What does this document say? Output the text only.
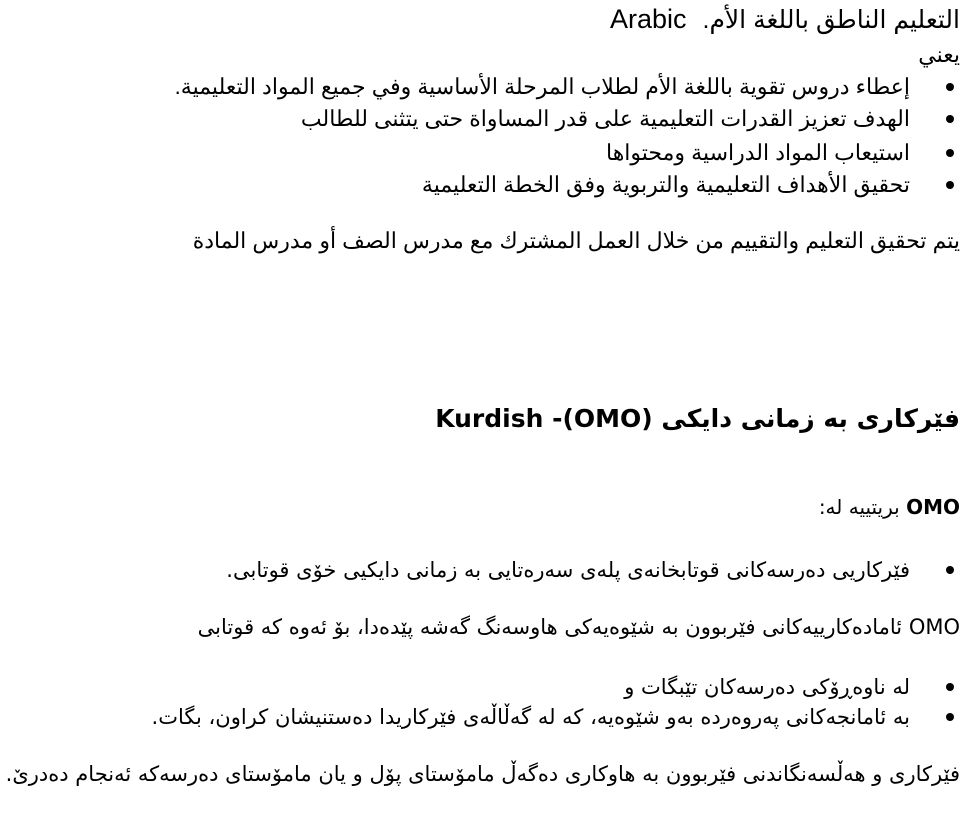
التعليم الناطق باللغة الأم.Arabic
يعني
إعطاء دروس تقوية باللغة الأم لطلاب المرحلة الأساسية وفي جميع المواد التعليمية.
الهدف تعزيز القدرات التعليمية على قدر المساواة حتى يتثنى للطالب
استيعاب المواد الدراسية ومحتواها
تحقيق الأهداف التعليمية والتربوية وفق الخطة التعليمية
يتم تحقيق التعليم والتقييم من خلال العمل المشترك مع مدرس الصف أو مدرس المادة
فێرکاری بە زمانی دایکی (OMO)- Kurdish
OMO بریتییە لە:
فێرکاریی دەرسەکانی قوتابخانەی پلەی سەرەتایی بە زمانی دایکیی خۆی قوتابی.
OMO ئامادەکارییەکانی فێربوون بە شێوەیەکی هاوسەنگ گەشە پێدەدا، بۆ ئەوە کە قوتابی
لە ناوەڕۆکی دەرسەکان تێبگات و
بە ئامانجەکانی پەروەردە بەو شێوەیە، کە لە گەڵاڵەی فێرکاریدا دەستنیشان کراون، بگات.
فێرکاری و هەڵسەنگاندنی فێربوون بە هاوکاری دەگەڵ مامۆستای پۆل و یان مامۆستای دەرسەکە ئەنجام دەدرێ.
